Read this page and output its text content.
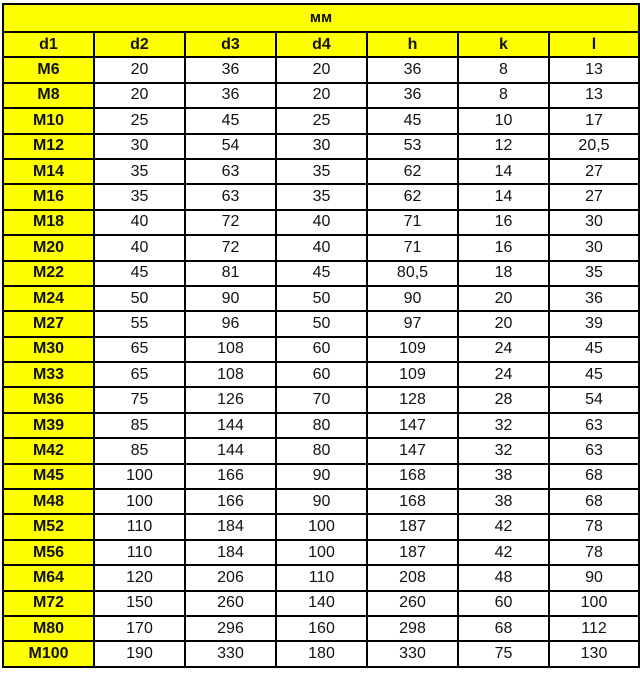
мм						
d1	d2	d3	d4	h	k	l
M6	20	36	20	36	8	13
M8	20	36	20	36	8	13
M10	25	45	25	45	10	17
M12	30	54	30	53	12	20,5
M14	35	63	35	62	14	27
M16	35	63	35	62	14	27
M18	40	72	40	71	16	30
M20	40	72	40	71	16	30
M22	45	81	45	80,5	18	35
M24	50	90	50	90	20	36
M27	55	96	50	97	20	39
M30	65	108	60	109	24	45
M33	65	108	60	109	24	45
M36	75	126	70	128	28	54
M39	85	144	80	147	32	63
M42	85	144	80	147	32	63
M45	100	166	90	168	38	68
M48	100	166	90	168	38	68
M52	110	184	100	187	42	78
M56	110	184	100	187	42	78
M64	120	206	110	208	48	90
M72	150	260	140	260	60	100
M80	170	296	160	298	68	112
M100	190	330	180	330	75	130
